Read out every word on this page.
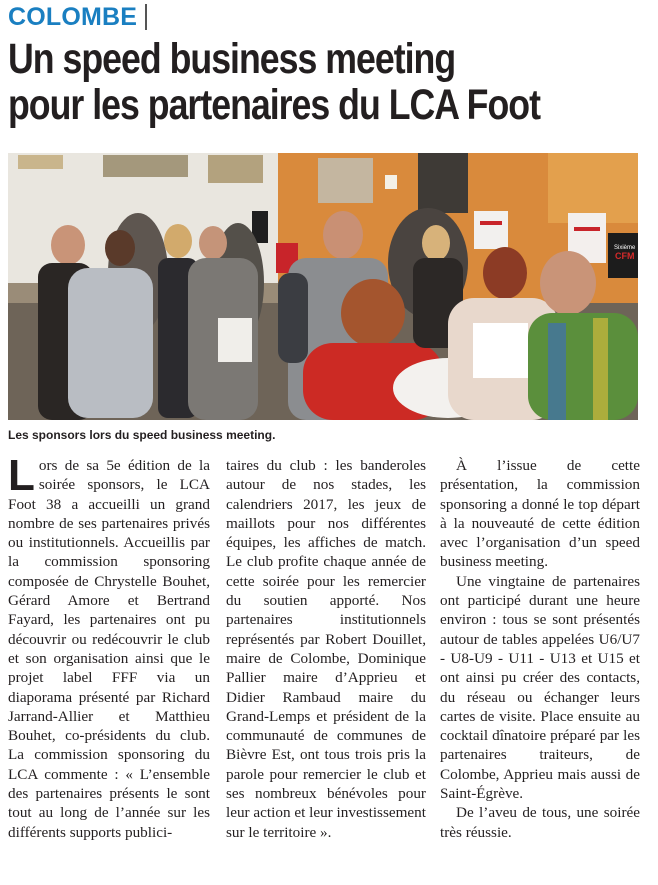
COLOMBE
Un speed business meeting
pour les partenaires du LCA Foot
Sixième
CFM
Les sponsors lors du speed business meeting.

Lors de sa 5e édition de la soirée sponsors, le LCA Foot 38 a accueilli un grand nombre de ses partenaires privés ou institutionnels. Accueillis par la commission sponsoring composée de Chrystelle Bouhet, Gérard Amore et Bertrand Fayard, les partenaires ont pu découvrir ou redécouvrir le club et son organisation ainsi que le projet label FFF via un diaporama présenté par Richard Jarrand-Allier et Matthieu Bouhet, co-présidents du club. La commission sponsoring du LCA commente : « L’ensemble des partenaires présents le sont tout au long de l’année sur les différents supports publici-

taires du club : les banderoles autour de nos stades, les calendriers 2017, les jeux de maillots pour nos différentes équipes, les affiches de match. Le club profite chaque année de cette soirée pour les remercier du soutien apporté. Nos partenaires institutionnels représentés par Robert Douillet, maire de Colombe, Dominique Pallier maire d’Apprieu et Didier Rambaud maire du Grand-Lemps et président de la communauté de communes de Bièvre Est, ont tous trois pris la parole pour remercier le club et ses nombreux bénévoles pour leur action et leur investissement sur le territoire ».

À l’issue de cette présentation, la commission sponsoring a donné le top départ à la nouveauté de cette édition avec l’organisation d’un speed business meeting.

Une vingtaine de partenaires ont participé durant une heure environ : tous se sont présentés autour de tables appelées U6/U7 - U8-U9 - U11 - U13 et U15 et ont ainsi pu créer des contacts, du réseau ou échanger leurs cartes de visite. Place ensuite au cocktail dînatoire préparé par les partenaires traiteurs, de Colombe, Apprieu mais aussi de Saint-Égrève.

De l’aveu de tous, une soirée très réussie.
